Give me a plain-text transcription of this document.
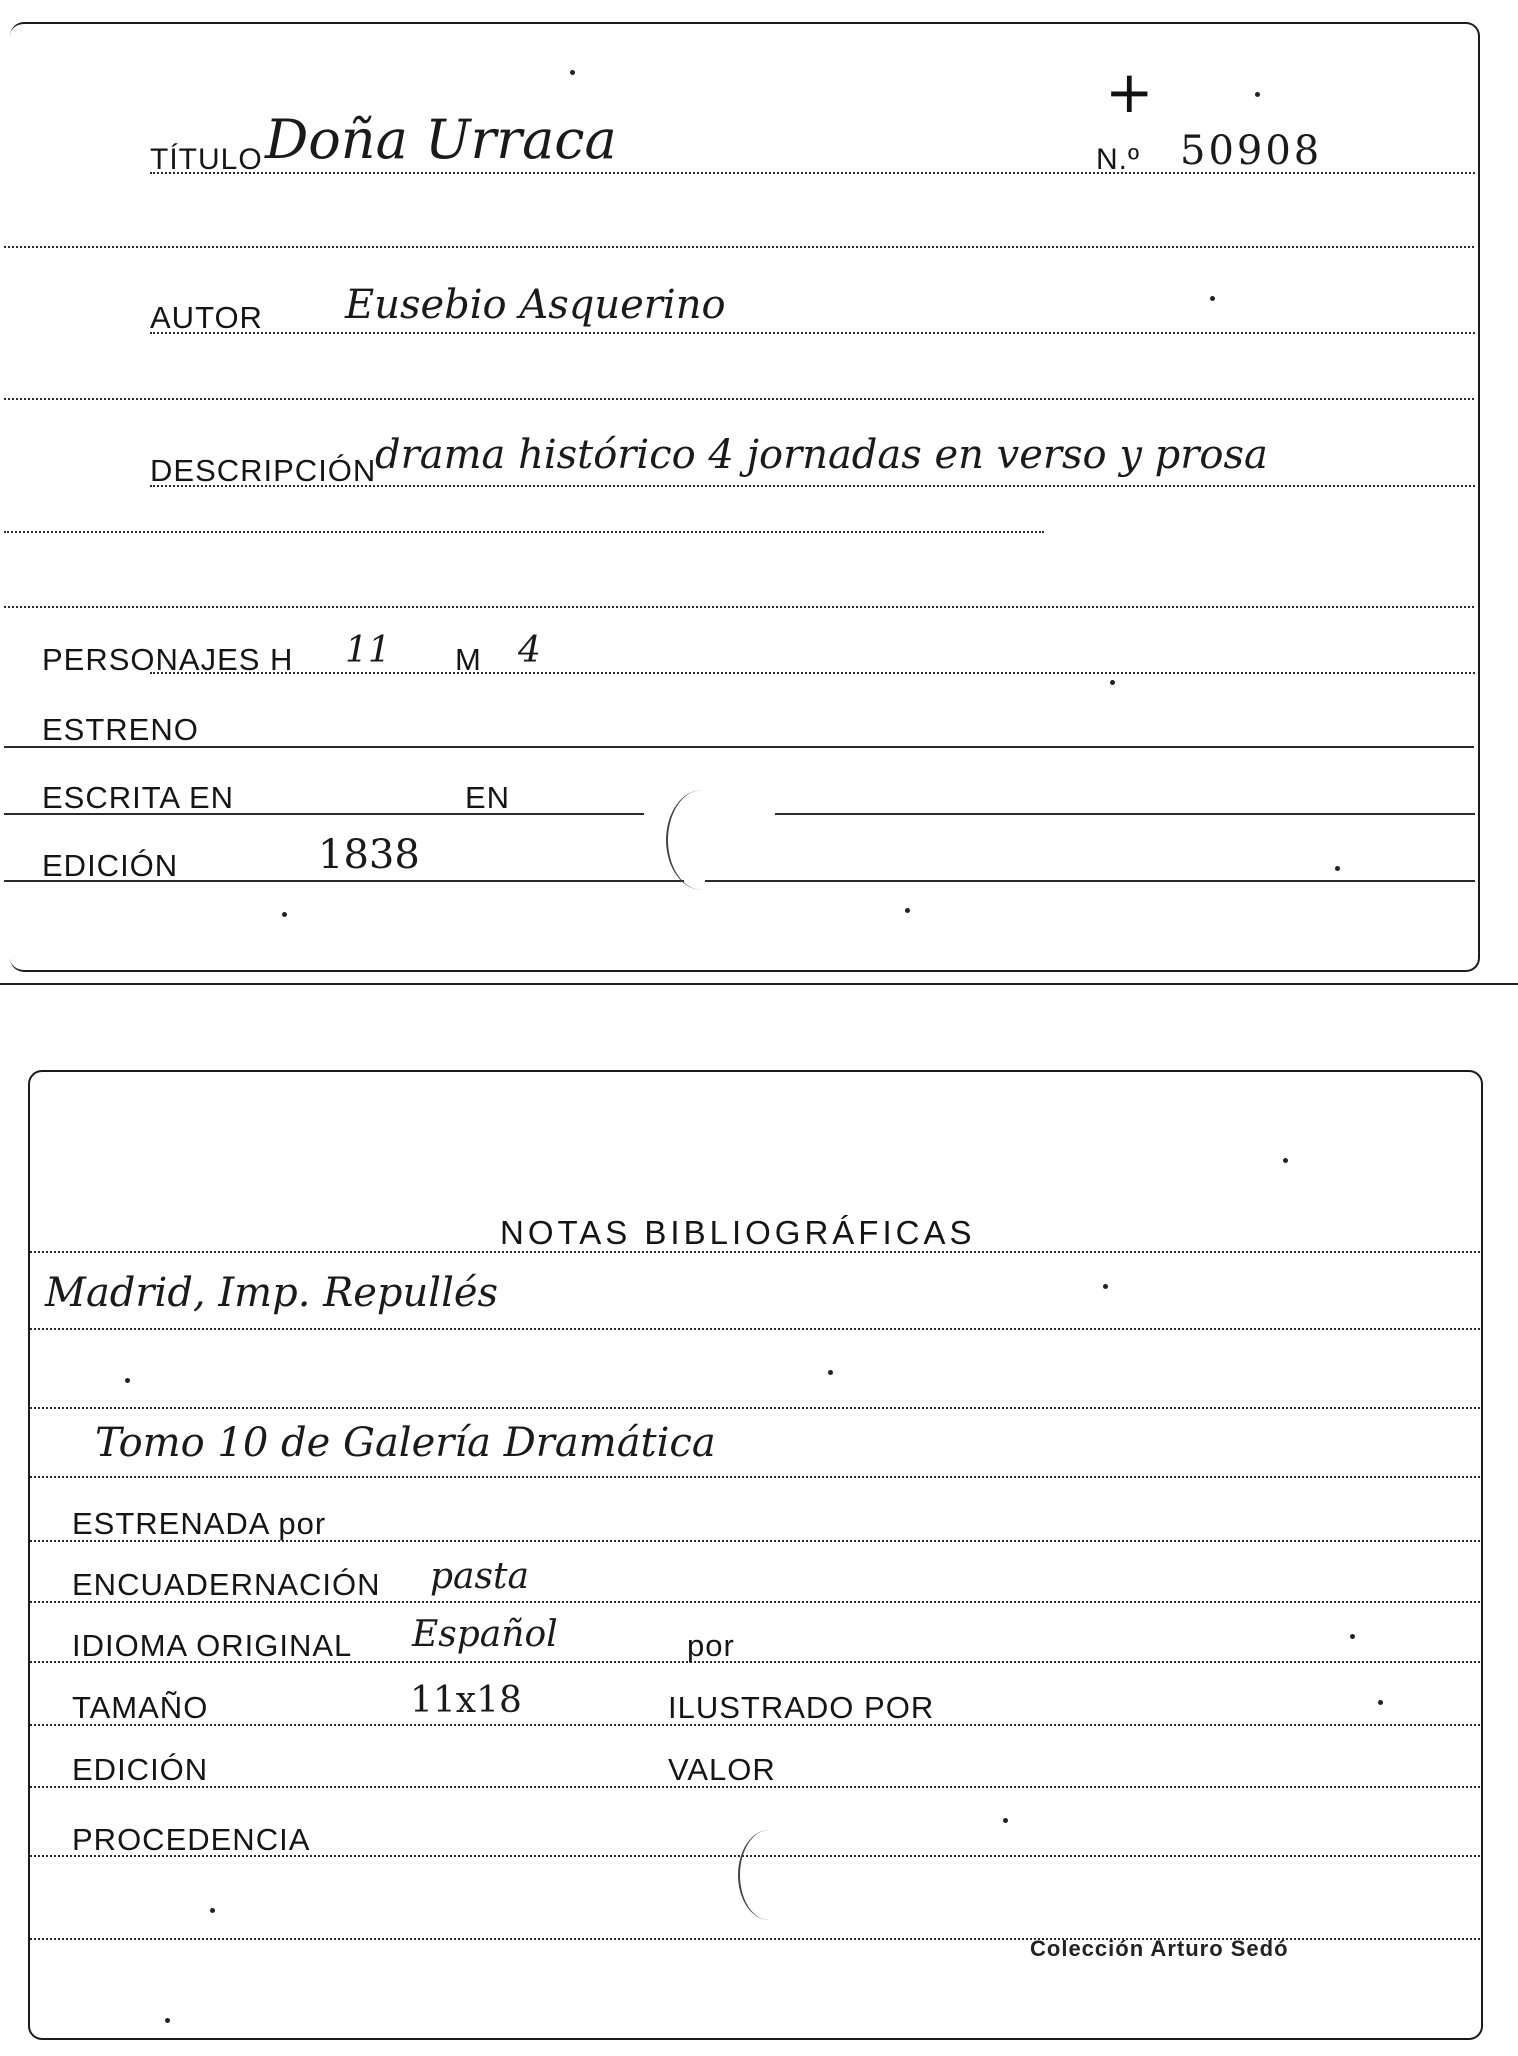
TÍTULO Doña Urraca
+
N.º 50908
AUTOR Eusebio Asquerino
DESCRIPCIÓN
drama histórico 4 jornadas en verso y prosa
PERSONAJES H 11 M 4
ESTRENO
ESCRITA EN	EN
EDICIÓN	1838
NOTAS BIBLIOGRÁFICAS
Madrid, Imp. Repullés
Tomo 10 de Galería Dramática
ESTRENADA por
ENCUADERNACIÓN pasta
IDIOMA ORIGINAL Español	por
TAMAÑO	11x18	ILUSTRADO POR
EDICIÓN	VALOR
PROCEDENCIA
Colección Arturo Sedó
